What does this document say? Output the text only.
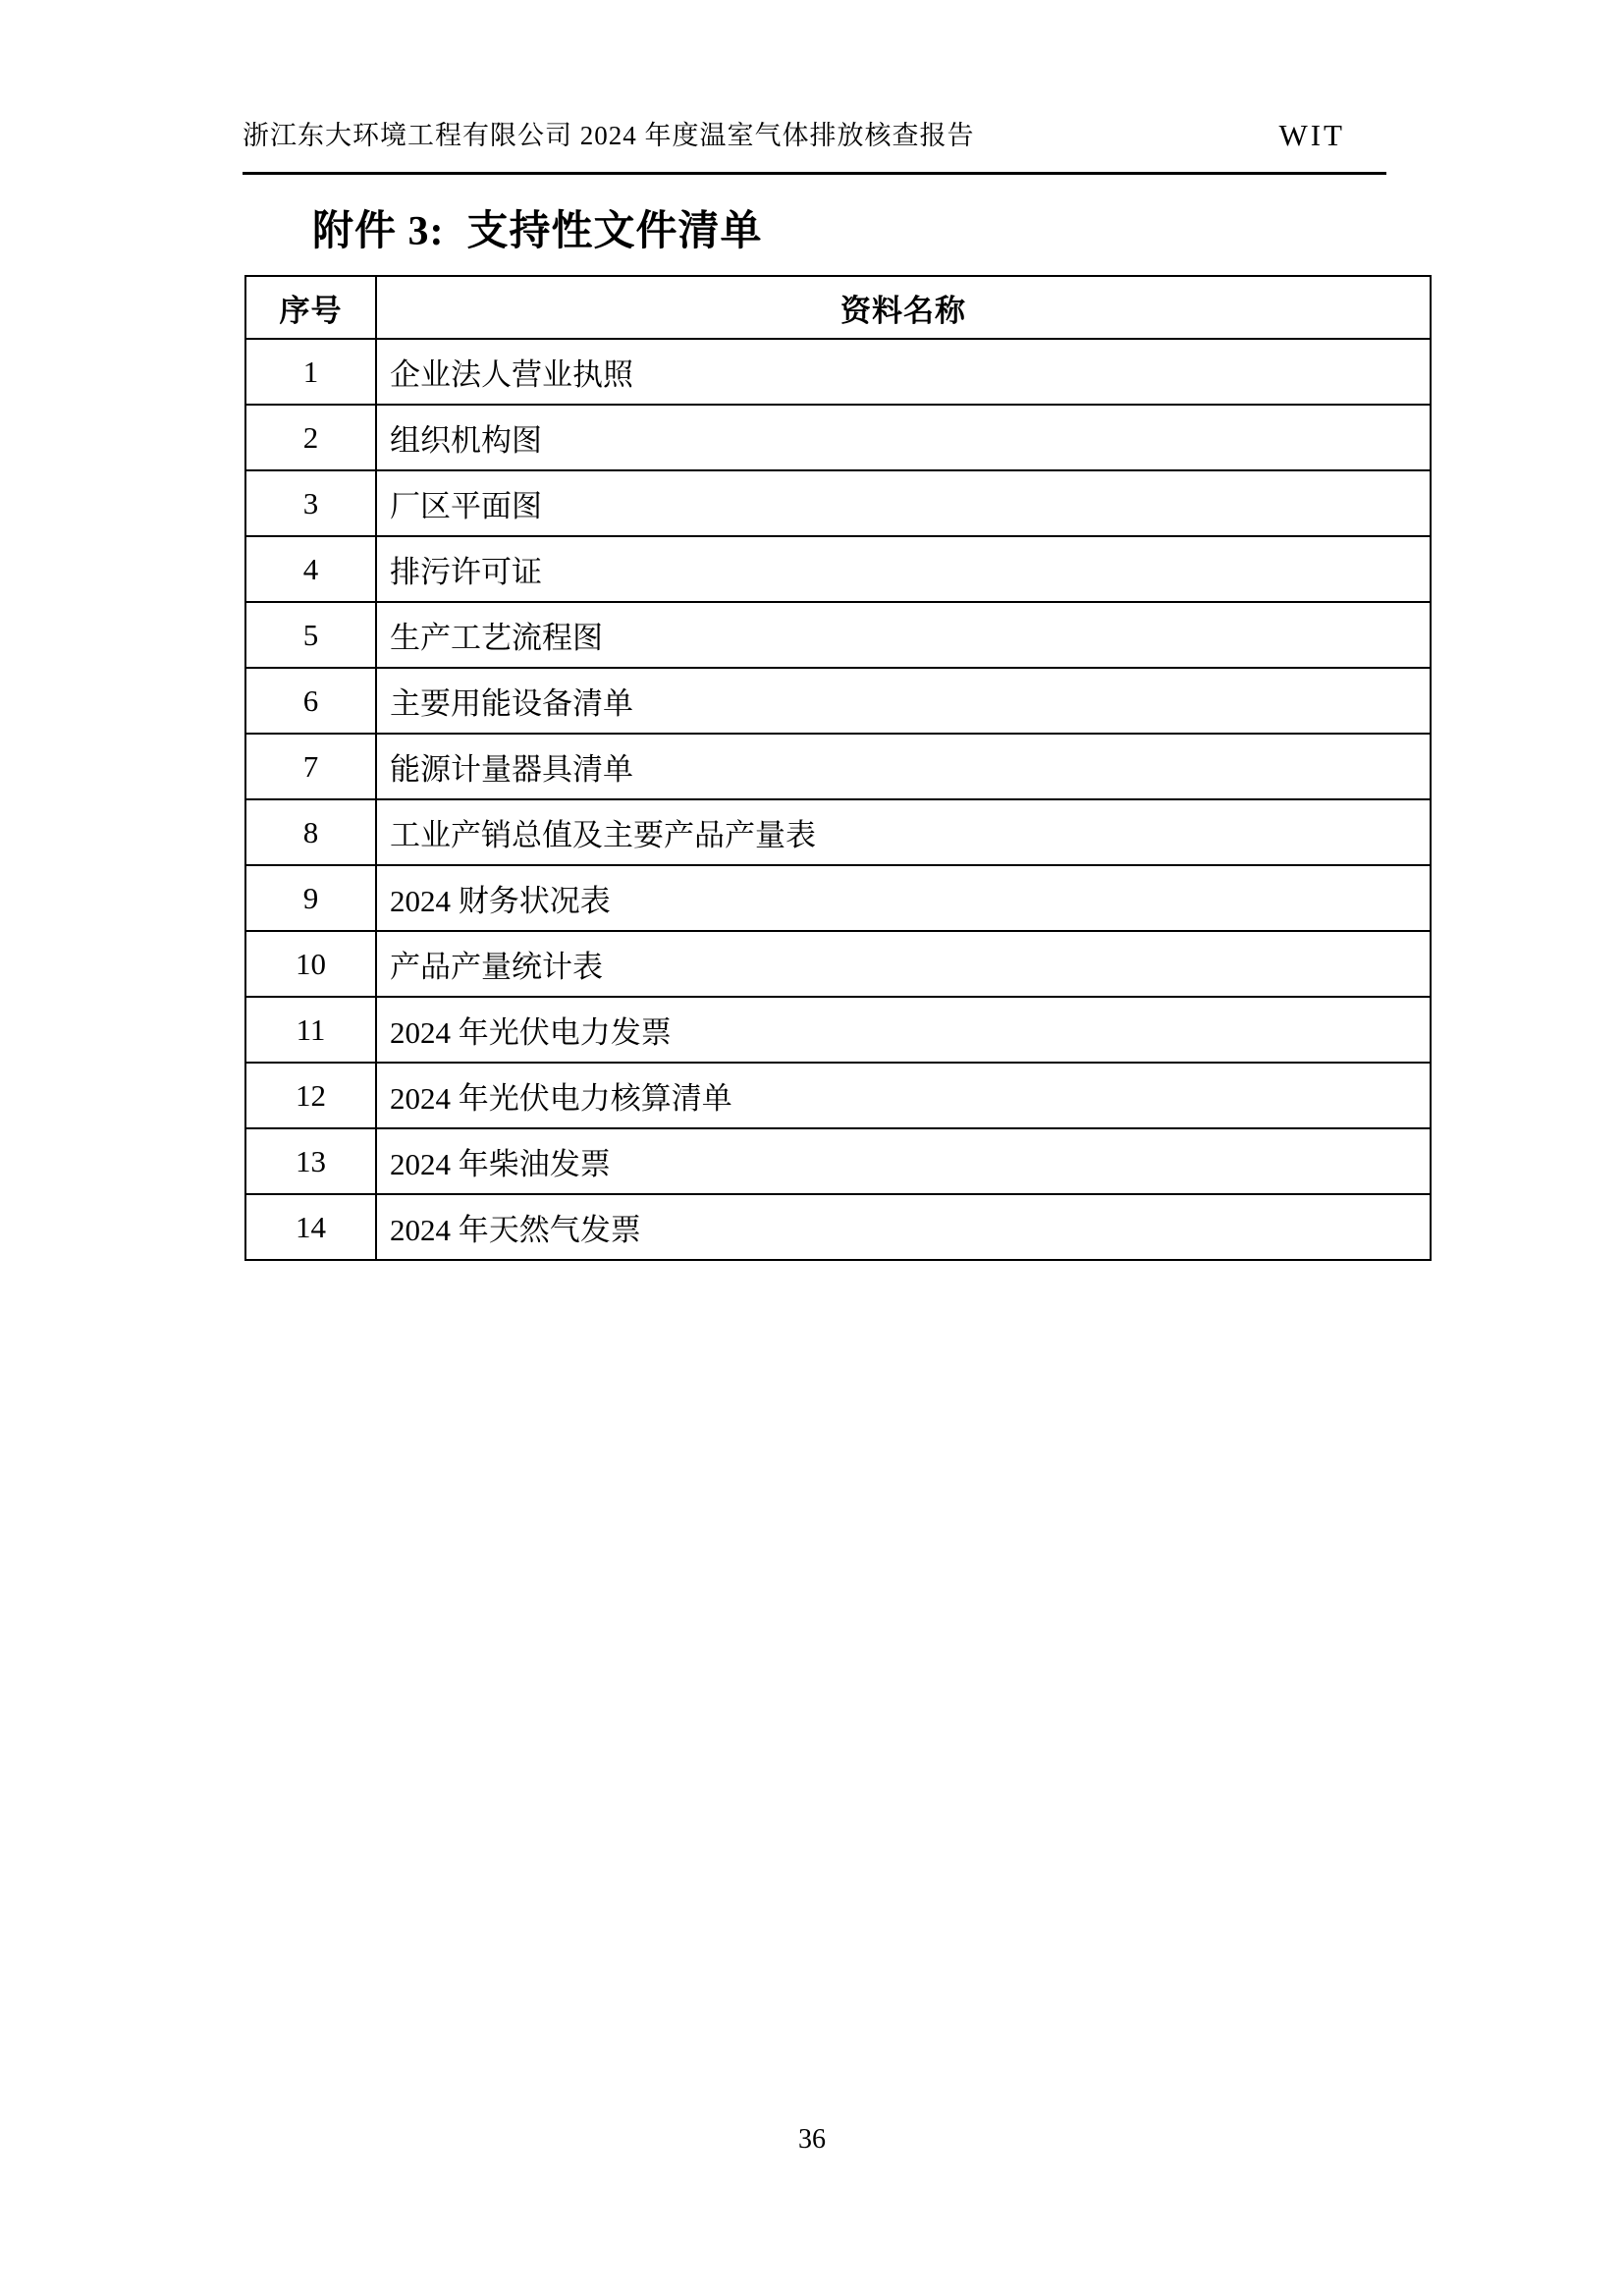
浙江东大环境工程有限公司 2024 年度温室气体排放核查报告	WIT
附件 3:  支持性文件清单
序号	资料名称
1	企业法人营业执照
2	组织机构图
3	厂区平面图
4	排污许可证
5	生产工艺流程图
6	主要用能设备清单
7	能源计量器具清单
8	工业产销总值及主要产品产量表
9	2024 财务状况表
10	产品产量统计表
11	2024 年光伏电力发票
12	2024 年光伏电力核算清单
13	2024 年柴油发票
14	2024 年天然气发票
36
